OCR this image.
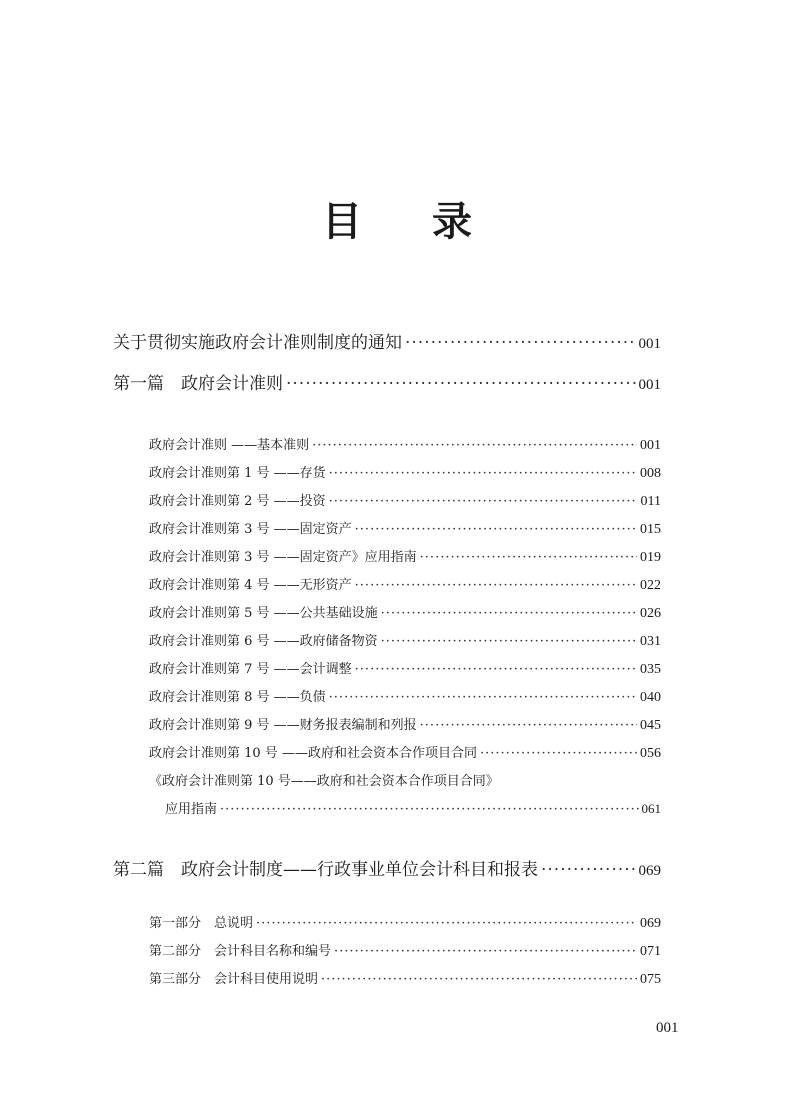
目 录
关于贯彻实施政府会计准则制度的通知 ·····	001
第一篇　政府会计准则 ·····	001
政府会计准则 ——基本准则 ·····	001
政府会计准则第 1 号 ——存货 ·····	008
政府会计准则第 2 号 ——投资 ·····	011
政府会计准则第 3 号 ——固定资产 ·····	015
政府会计准则第 3 号 ——固定资产》应用指南 ·····	019
政府会计准则第 4 号 ——无形资产 ·····	022
政府会计准则第 5 号 ——公共基础设施 ·····	026
政府会计准则第 6 号 ——政府储备物资 ·····	031
政府会计准则第 7 号 ——会计调整 ·····	035
政府会计准则第 8 号 ——负债 ·····	040
政府会计准则第 9 号 ——财务报表编制和列报 ·····	045
政府会计准则第 10 号 ——政府和社会资本合作项目合同 ·····	056
《政府会计准则第 10 号——政府和社会资本合作项目合同》
应用指南 ·····	061
第二篇　政府会计制度——行政事业单位会计科目和报表 ·····	069
第一部分　总说明 ·····	069
第二部分　会计科目名称和编号 ·····	071
第三部分　会计科目使用说明 ·····	075
001
